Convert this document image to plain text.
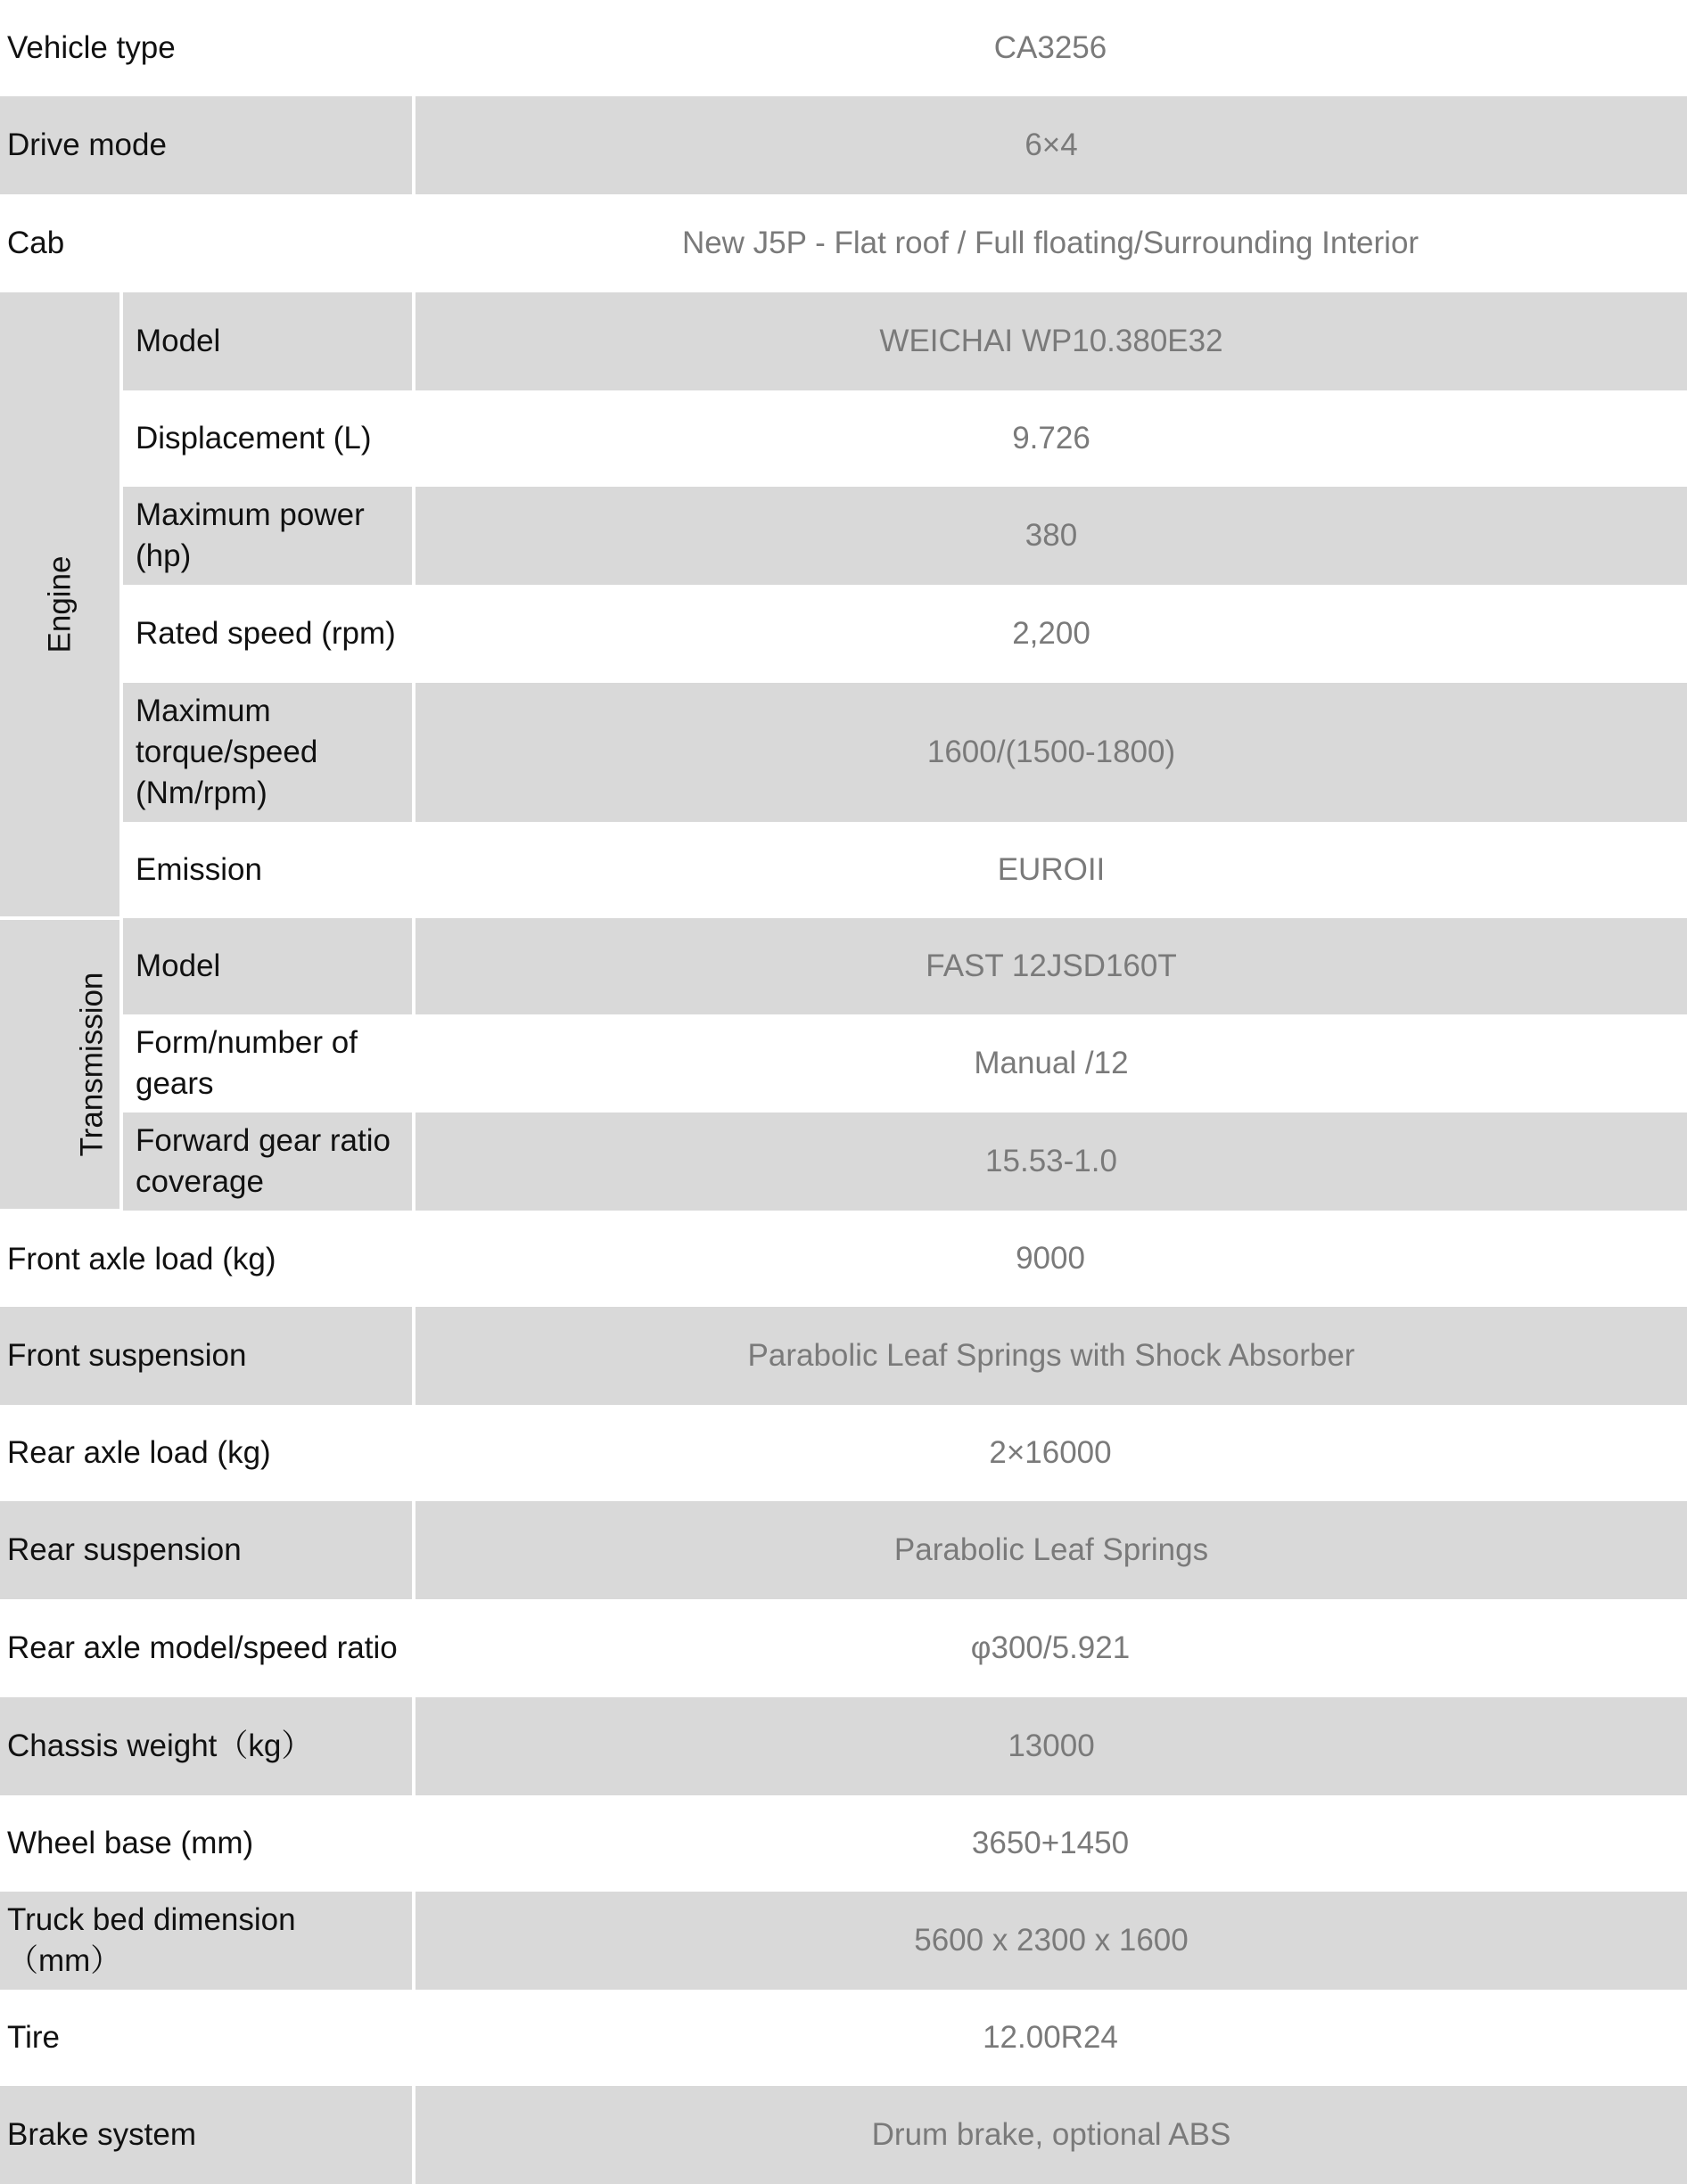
Vehicle type		CA3256
Drive mode		6×4
Cab		New J5P - Flat roof / Full floating/Surrounding Interior
Engine	Model	WEICHAI WP10.380E32
	Displacement (L)	9.726
	Maximum power (hp)	380
	Rated speed (rpm)	2,200
	Maximum torque/speed (Nm/rpm)	1600/(1500-1800)
	Emission	EUROII
Transmission	Model	FAST 12JSD160T
	Form/number of gears	Manual /12
	Forward gear ratio coverage	15.53-1.0
Front axle load (kg)		9000
Front suspension		Parabolic Leaf Springs with Shock Absorber
Rear axle load (kg)		2×16000
Rear suspension		Parabolic Leaf Springs
Rear axle model/speed ratio		φ300/5.921
Chassis weight（kg）		13000
Wheel base (mm)		3650+1450
Truck bed dimension （mm）		5600 x 2300 x 1600
Tire		12.00R24
Brake system		Drum brake, optional ABS
